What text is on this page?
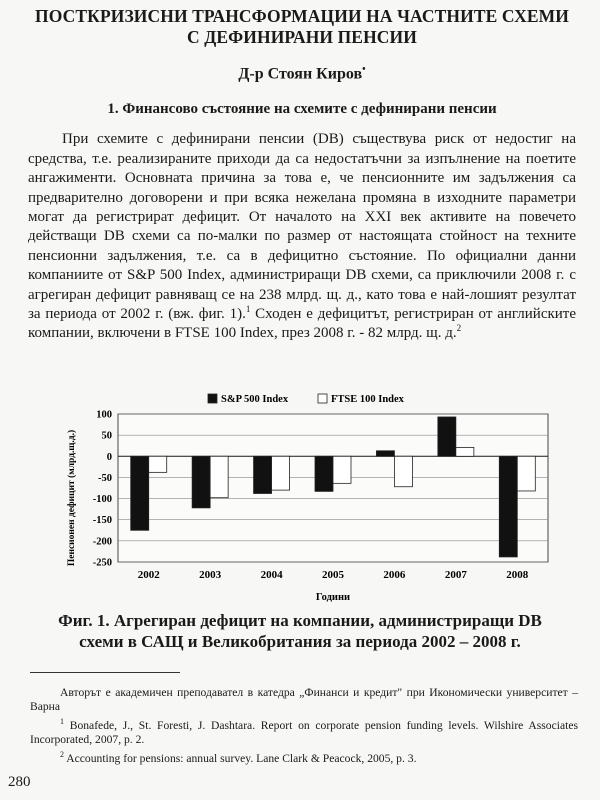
ПОСТКРИЗИСНИ ТРАНСФОРМАЦИИ НА ЧАСТНИТЕ СХЕМИ
С ДЕФИНИРАНИ ПЕНСИИ
Д-р Стоян Киров•
1. Финансово състояние на схемите с дефинирани пенсии
При схемите с дефинирани пенсии (DB) съществува риск от недостиг на средства, т.е. реализираните приходи да са недостатъчни за изпълнение на поетите ангажименти. Основната причина за това е, че пенсионните им задължения са предварително договорени и при всяка нежелана промяна в изходните параметри могат да регистрират дефицит. От началото на XXI век активите на повечето действащи DB схеми са по-малки по размер от настоящата стойност на техните пенсионни задължения, т.е. са в дефицитно състояние. По официални данни компаниите от S&P 500 Index, администриращи DB схеми, са приключили 2008 г. с агрегиран дефицит равняващ се на 238 млрд. щ. д., като това е най-лошият резултат за периода от 2002 г. (вж. фиг. 1).$^1$ Сходен е дефицитът, регистриран от английските компании, включени в FTSE 100 Index, през 2008 г. - 82 млрд. щ. д.$^2$
100
50
0
-50
-100
-150
-200
-250
2002	2003	2004	2005	2006	2007	2008
Години
Пенсионен дефицит (млрд.щ.д.)
S&P 500 Index	FTSE 100 Index
Фиг. 1. Агрегиран дефицит на компании, администриращи DB
схеми в САЩ и Великобритания за периода 2002 – 2008 г.
Авторът е академичен преподавател в катедра „Финанси и кредит" при Икономически университет – Варна
$^1$ Bonafede, J., St. Foresti, J. Dashtara. Report on corporate pension funding levels. Wilshire Associates Incorporated, 2007, p. 2.
$^2$ Accounting for pensions: annual survey. Lane Clark & Peacock, 2005, p. 3.
280
